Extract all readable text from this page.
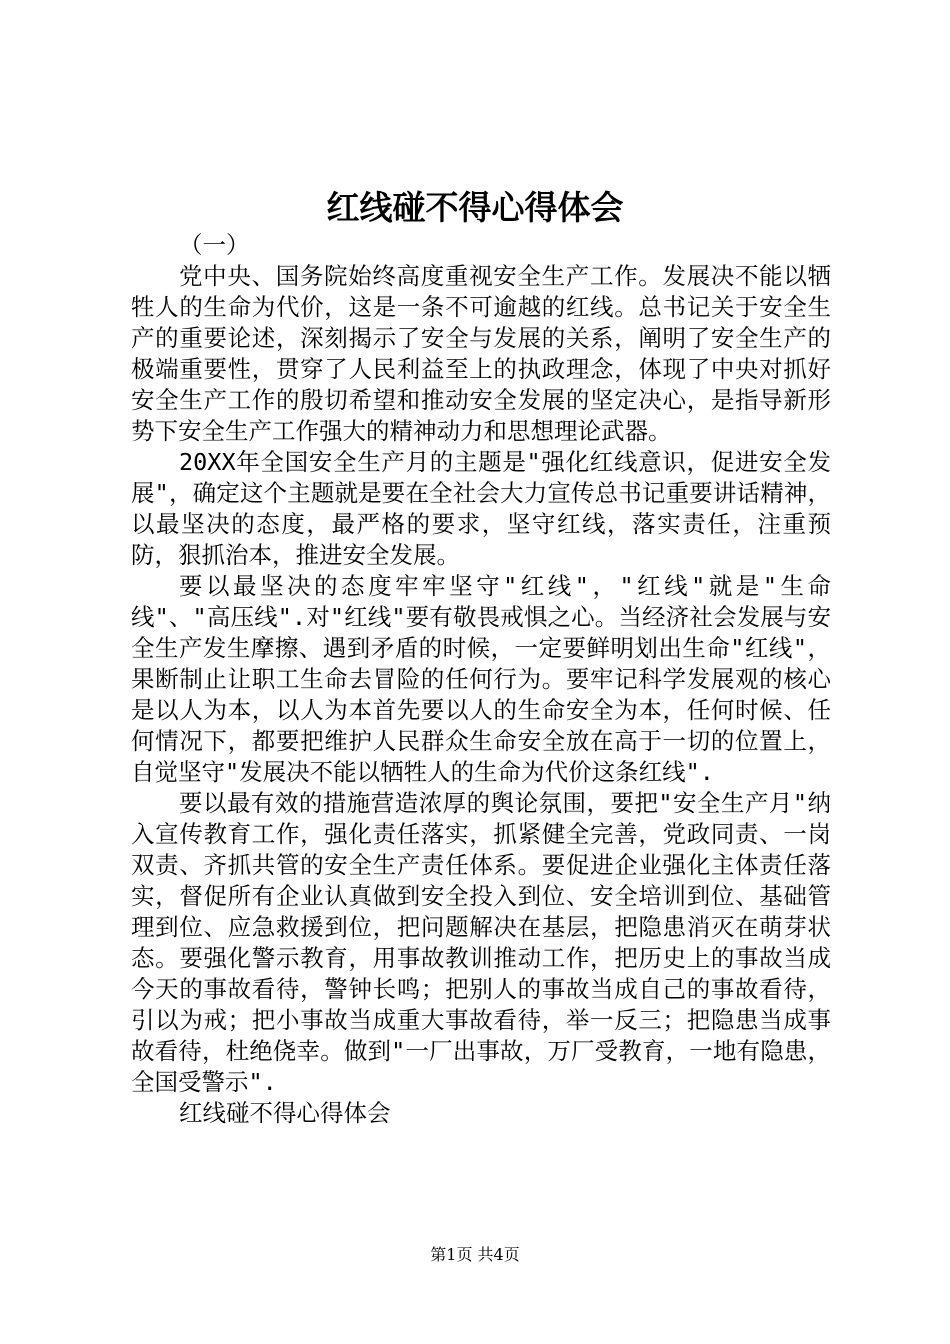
红线碰不得心得体会

（一）

党中央、国务院始终高度重视安全生产工作。发展决不能以牺牲人的生命为代价，这是一条不可逾越的红线。总书记关于安全生产的重要论述，深刻揭示了安全与发展的关系，阐明了安全生产的极端重要性，贯穿了人民利益至上的执政理念，体现了中央对抓好安全生产工作的殷切希望和推动安全发展的坚定决心，是指导新形势下安全生产工作强大的精神动力和思想理论武器。

20XX年全国安全生产月的主题是"强化红线意识，促进安全发展"，确定这个主题就是要在全社会大力宣传总书记重要讲话精神，以最坚决的态度，最严格的要求，坚守红线，落实责任，注重预防，狠抓治本，推进安全发展。

要以最坚决的态度牢牢坚守"红线"，"红线"就是"生命线"、"高压线".对"红线"要有敬畏戒惧之心。当经济社会发展与安全生产发生摩擦、遇到矛盾的时候，一定要鲜明划出生命"红线"，果断制止让职工生命去冒险的任何行为。要牢记科学发展观的核心是以人为本，以人为本首先要以人的生命安全为本，任何时候、任何情况下，都要把维护人民群众生命安全放在高于一切的位置上，自觉坚守"发展决不能以牺牲人的生命为代价这条红线".

要以最有效的措施营造浓厚的舆论氛围，要把"安全生产月"纳入宣传教育工作，强化责任落实，抓紧健全完善，党政同责、一岗双责、齐抓共管的安全生产责任体系。要促进企业强化主体责任落实，督促所有企业认真做到安全投入到位、安全培训到位、基础管理到位、应急救援到位，把问题解决在基层，把隐患消灭在萌芽状态。要强化警示教育，用事故教训推动工作，把历史上的事故当成今天的事故看待，警钟长鸣；把别人的事故当成自己的事故看待，引以为戒；把小事故当成重大事故看待，举一反三；把隐患当成事故看待，杜绝侥幸。做到"一厂出事故，万厂受教育，一地有隐患，全国受警示".

红线碰不得心得体会

第1页 共4页
